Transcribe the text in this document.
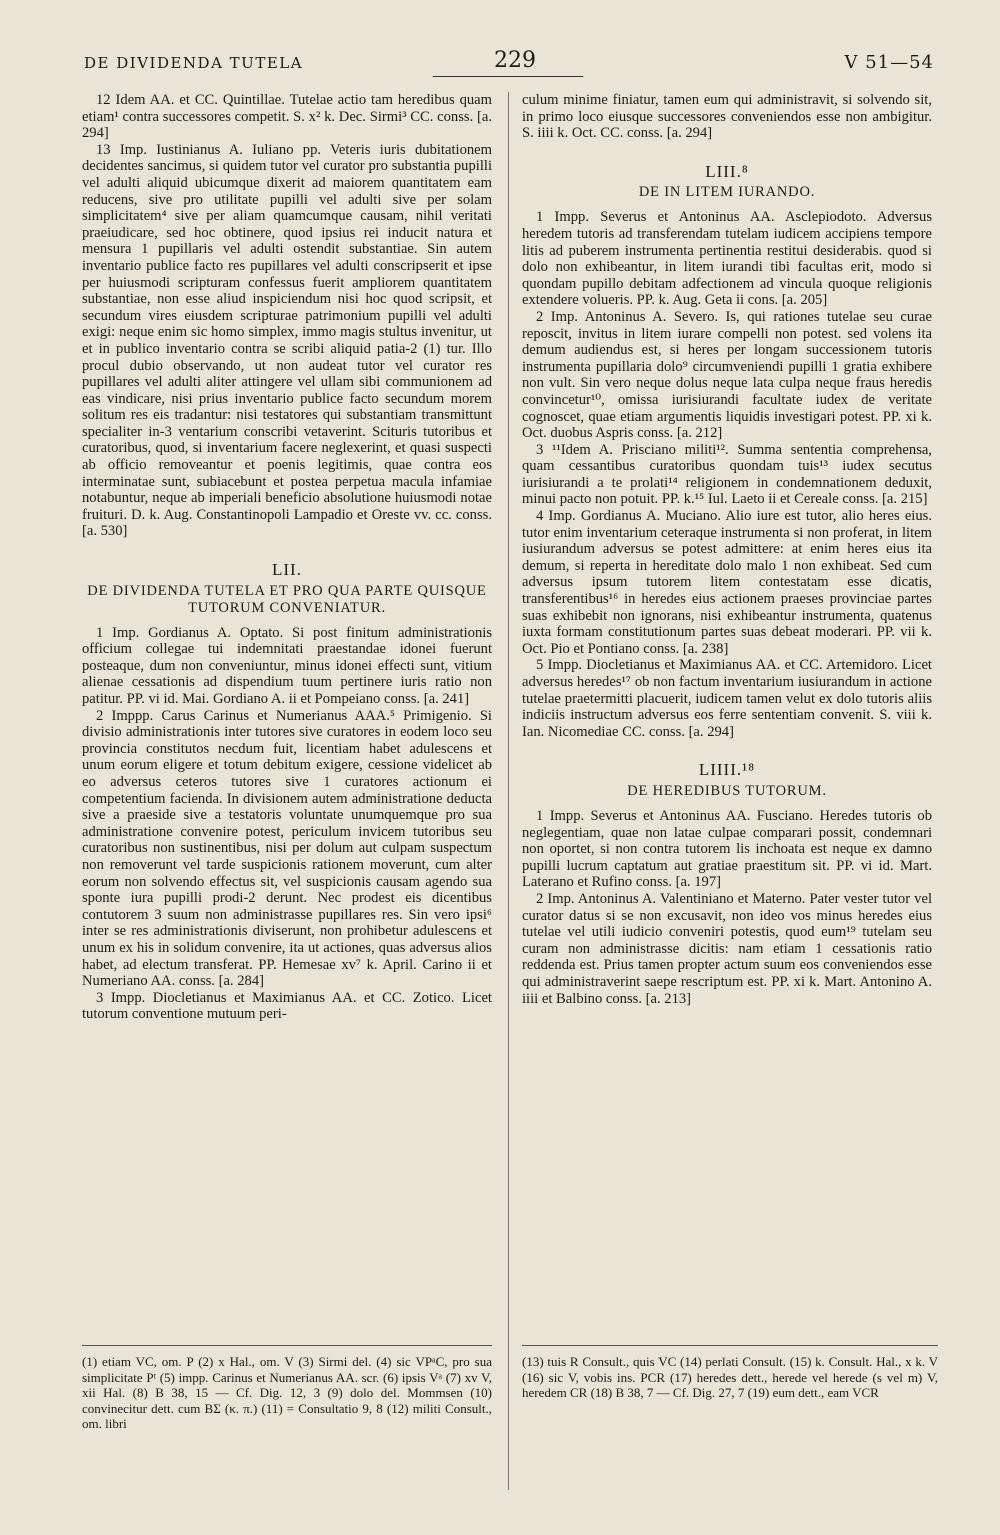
DE DIVIDENDA TUTELA	229	V 51—54

12 Idem AA. et CC. Quintillae. Tutelae actio tam heredibus quam etiam¹ contra successores competit. S. x² k. Dec. Sirmi³ CC. conss. [a. 294]

13 Imp. Iustinianus A. Iuliano pp. Veteris iuris dubitationem decidentes sancimus, si quidem tutor vel curator pro substantia pupilli vel adulti aliquid ubicumque dixerit ad maiorem quantitatem eam reducens, sive pro utilitate pupilli vel adulti sive per solam simplicitatem⁴ sive per aliam quamcumque causam, nihil veritati praeiudicare, sed hoc obtinere, quod ipsius rei inducit natura et mensura 1 pupillaris vel adulti ostendit substantiae. Sin autem inventario publice facto res pupillares vel adulti conscripserit et ipse per huiusmodi scripturam confessus fuerit ampliorem quantitatem substantiae, non esse aliud inspiciendum nisi hoc quod scripsit, et secundum vires eiusdem scripturae patrimonium pupilli vel adulti exigi: neque enim sic homo simplex, immo magis stultus invenitur, ut et in publico inventario contra se scribi aliquid patia-2 (1) tur. Illo procul dubio observando, ut non audeat tutor vel curator res pupillares vel adulti aliter attingere vel ullam sibi communionem ad eas vindicare, nisi prius inventario publice facto secundum morem solitum res eis tradantur: nisi testatores qui substantiam transmittunt specialiter in-3 ventarium conscribi vetaverint. Scituris tutoribus et curatoribus, quod, si inventarium facere neglexerint, et quasi suspecti ab officio removeantur et poenis legitimis, quae contra eos interminatae sunt, subiacebunt et postea perpetua macula infamiae notabuntur, neque ab imperiali beneficio absolutione huiusmodi notae fruituri. D. k. Aug. Constantinopoli Lampadio et Oreste vv. cc. conss. [a. 530]

LII.
DE DIVIDENDA TUTELA ET PRO QUA PARTE QUISQUE TUTORUM CONVENIATUR.

1 Imp. Gordianus A. Optato. Si post finitum administrationis officium collegae tui indemnitati praestandae idonei fuerunt posteaque, dum non conveniuntur, minus idonei effecti sunt, vitium alienae cessationis ad dispendium tuum pertinere iuris ratio non patitur. PP. vi id. Mai. Gordiano A. ii et Pompeiano conss. [a. 241]

2 Imppp. Carus Carinus et Numerianus AAA.⁵ Primigenio. Si divisio administrationis inter tutores sive curatores in eodem loco seu provincia constitutos necdum fuit, licentiam habet adulescens et unum eorum eligere et totum debitum exigere, cessione videlicet ab eo adversus ceteros tutores sive 1 curatores actionum ei competentium facienda. In divisionem autem administratione deducta sive a praeside sive a testatoris voluntate unumquemque pro sua administratione convenire potest, periculum invicem tutoribus seu curatoribus non sustinentibus, nisi per dolum aut culpam suspectum non removerunt vel tarde suspicionis rationem moverunt, cum alter eorum non solvendo effectus sit, vel suspicionis causam agendo sua sponte iura pupilli prodi-2 derunt. Nec prodest eis dicentibus contutorem 3 suum non administrasse pupillares res. Sin vero ipsi⁶ inter se res administrationis diviserunt, non prohibetur adulescens et unum ex his in solidum convenire, ita ut actiones, quas adversus alios habet, ad electum transferat. PP. Hemesae xv⁷ k. April. Carino ii et Numeriano AA. conss. [a. 284]

3 Impp. Diocletianus et Maximianus AA. et CC. Zotico. Licet tutorum conventione mutuum peri-

culum minime finiatur, tamen eum qui administravit, si solvendo sit, in primo loco eiusque successores conveniendos esse non ambigitur. S. iiii k. Oct. CC. conss. [a. 294]

LIII.⁸
DE IN LITEM IURANDO.

1 Impp. Severus et Antoninus AA. Asclepiodoto. Adversus heredem tutoris ad transferendam tutelam iudicem accipiens tempore litis ad puberem instrumenta pertinentia restitui desiderabis. quod si dolo non exhibeantur, in litem iurandi tibi facultas erit, modo si quondam pupillo debitam adfectionem ad vincula quoque religionis extendere volueris. PP. k. Aug. Geta ii cons. [a. 205]

2 Imp. Antoninus A. Severo. Is, qui rationes tutelae seu curae reposcit, invitus in litem iurare compelli non potest. sed volens ita demum audiendus est, si heres per longam successionem tutoris instrumenta pupillaria dolo⁹ circumveniendi pupilli 1 gratia exhibere non vult. Sin vero neque dolus neque lata culpa neque fraus heredis convincetur¹⁰, omissa iurisiurandi facultate iudex de veritate cognoscet, quae etiam argumentis liquidis investigari potest. PP. xi k. Oct. duobus Aspris conss. [a. 212]

3 ¹¹Idem A. Prisciano militi¹². Summa sententia comprehensa, quam cessantibus curatoribus quondam tuis¹³ iudex secutus iurisiurandi a te prolati¹⁴ religionem in condemnationem deduxit, minui pacto non potuit. PP. k.¹⁵ Iul. Laeto ii et Cereale conss. [a. 215]

4 Imp. Gordianus A. Muciano. Alio iure est tutor, alio heres eius. tutor enim inventarium ceteraque instrumenta si non proferat, in litem iusiurandum adversus se potest admittere: at enim heres eius ita demum, si reperta in hereditate dolo malo 1 non exhibeat. Sed cum adversus ipsum tutorem litem contestatam esse dicatis, transferentibus¹⁶ in heredes eius actionem praeses provinciae partes suas exhibebit non ignorans, nisi exhibeantur instrumenta, quatenus iuxta formam constitutionum partes suas debeat moderari. PP. vii k. Oct. Pio et Pontiano conss. [a. 238]

5 Impp. Diocletianus et Maximianus AA. et CC. Artemidoro. Licet adversus heredes¹⁷ ob non factum inventarium iusiurandum in actione tutelae praetermitti placuerit, iudicem tamen velut ex dolo tutoris aliis indiciis instructum adversus eos ferre sententiam convenit. S. viii k. Ian. Nicomediae CC. conss. [a. 294]

LIIII.¹⁸
DE HEREDIBUS TUTORUM.

1 Impp. Severus et Antoninus AA. Fusciano. Heredes tutoris ob neglegentiam, quae non latae culpae comparari possit, condemnari non oportet, si non contra tutorem lis inchoata est neque ex damno pupilli lucrum captatum aut gratiae praestitum sit. PP. vi id. Mart. Laterano et Rufino conss. [a. 197]

2 Imp. Antoninus A. Valentiniano et Materno. Pater vester tutor vel curator datus si se non excusavit, non ideo vos minus heredes eius tutelae vel utili iudicio conveniri potestis, quod eum¹⁹ tutelam seu curam non administrasse dicitis: nam etiam 1 cessationis ratio reddenda est. Prius tamen propter actum suum eos conveniendos esse qui administraverint saepe rescriptum est. PP. xi k. Mart. Antonino A. iiii et Balbino conss. [a. 213]

(1) etiam VC, om. P (2) x Hal., om. V (3) Sirmi del. (4) sic VPᵃC, pro sua simplicitate Pᵗ (5) impp. Carinus et Numerianus AA. scr. (6) ipsis Vᵃ (7) xv V, xii Hal. (8) B 38, 15 — Cf. Dig. 12, 3 (9) dolo del. Mommsen (10) convinecitur dett. cum BΣ (κ. π.) (11) = Consultatio 9, 8 (12) militi Consult., om. libri
(13) tuis R Consult., quis VC (14) perlati Consult. (15) k. Consult. Hal., x k. V (16) sic V, vobis ins. PCR (17) heredes dett., herede vel herede (s vel m) V, heredem CR (18) B 38, 7 — Cf. Dig. 27, 7 (19) eum dett., eam VCR
